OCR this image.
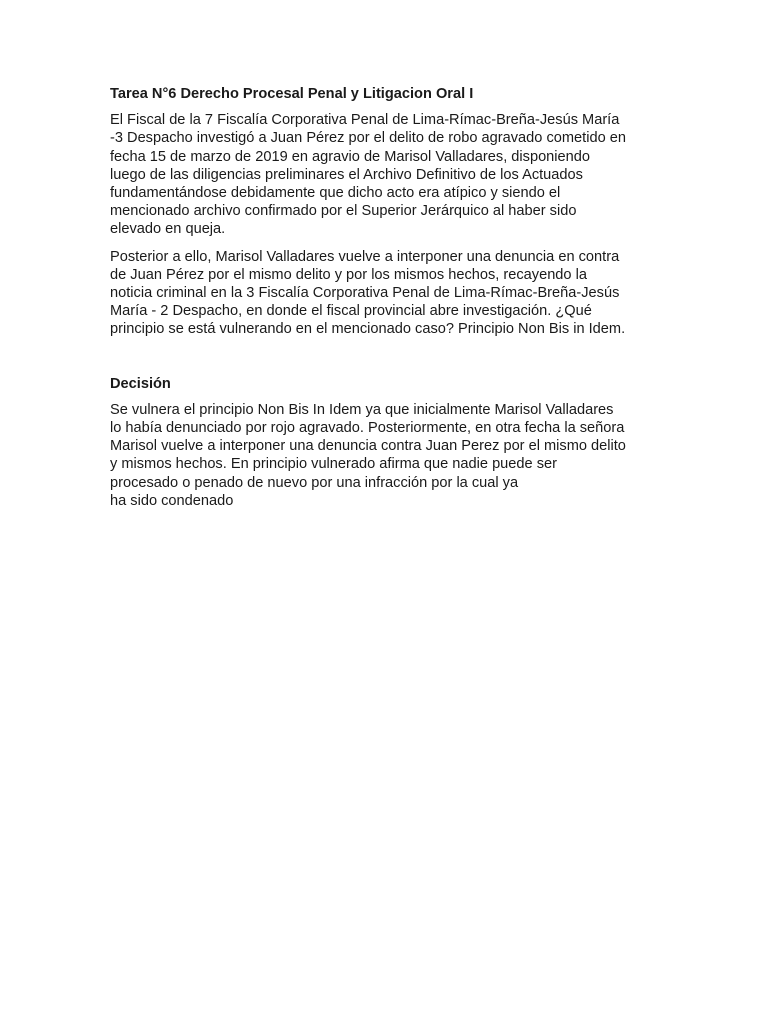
Tarea N°6 Derecho Procesal Penal y Litigacion Oral I
El Fiscal de la 7 Fiscalía Corporativa Penal de Lima-Rímac-Breña-Jesús María
-3 Despacho investigó a Juan Pérez por el delito de robo agravado cometido en
fecha 15 de marzo de 2019 en agravio de Marisol Valladares, disponiendo
luego de las diligencias preliminares el Archivo Definitivo de los Actuados
fundamentándose debidamente que dicho acto era atípico y siendo el
mencionado archivo confirmado por el Superior Jerárquico al haber sido
elevado en queja.
Posterior a ello, Marisol Valladares vuelve a interponer una denuncia en contra
de Juan Pérez por el mismo delito y por los mismos hechos, recayendo la
noticia criminal en la 3 Fiscalía Corporativa Penal de Lima-Rímac-Breña-Jesús
María - 2 Despacho, en donde el fiscal provincial abre investigación. ¿Qué
principio se está vulnerando en el mencionado caso? Principio Non Bis in Idem.
Decisión
Se vulnera el principio Non Bis In Idem ya que inicialmente Marisol Valladares
lo había denunciado por rojo agravado. Posteriormente, en otra fecha la señora
Marisol vuelve a interponer una denuncia contra Juan Perez por el mismo delito
y mismos hechos. En principio vulnerado afirma que nadie puede ser
procesado o penado de nuevo por una infracción por la cual ya
ha sido condenado
